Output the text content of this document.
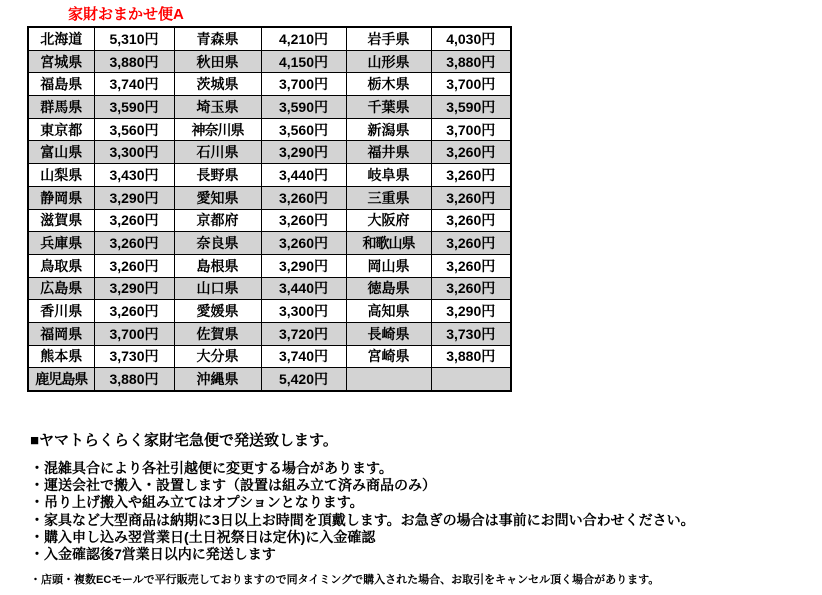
家財おまかせ便A
北海道	5,310円	青森県	4,210円	岩手県	4,030円
宮城県	3,880円	秋田県	4,150円	山形県	3,880円
福島県	3,740円	茨城県	3,700円	栃木県	3,700円
群馬県	3,590円	埼玉県	3,590円	千葉県	3,590円
東京都	3,560円	神奈川県	3,560円	新潟県	3,700円
富山県	3,300円	石川県	3,290円	福井県	3,260円
山梨県	3,430円	長野県	3,440円	岐阜県	3,260円
静岡県	3,290円	愛知県	3,260円	三重県	3,260円
滋賀県	3,260円	京都府	3,260円	大阪府	3,260円
兵庫県	3,260円	奈良県	3,260円	和歌山県	3,260円
鳥取県	3,260円	島根県	3,290円	岡山県	3,260円
広島県	3,290円	山口県	3,440円	徳島県	3,260円
香川県	3,260円	愛媛県	3,300円	高知県	3,290円
福岡県	3,700円	佐賀県	3,720円	長崎県	3,730円
熊本県	3,730円	大分県	3,740円	宮崎県	3,880円
鹿児島県	3,880円	沖縄県	5,420円		
■ヤマトらくらく家財宅急便で発送致します。
・混雑具合により各社引越便に変更する場合があります。
・運送会社で搬入・設置します（設置は組み立て済み商品のみ）
・吊り上げ搬入や組み立てはオプションとなります。
・家具など大型商品は納期に3日以上お時間を頂戴します。お急ぎの場合は事前にお問い合わせください。
・購入申し込み翌営業日(土日祝祭日は定休)に入金確認
・入金確認後7営業日以内に発送します
・店頭・複数ECモールで平行販売しておりますので同タイミングで購入された場合、お取引をキャンセル頂く場合があります。
